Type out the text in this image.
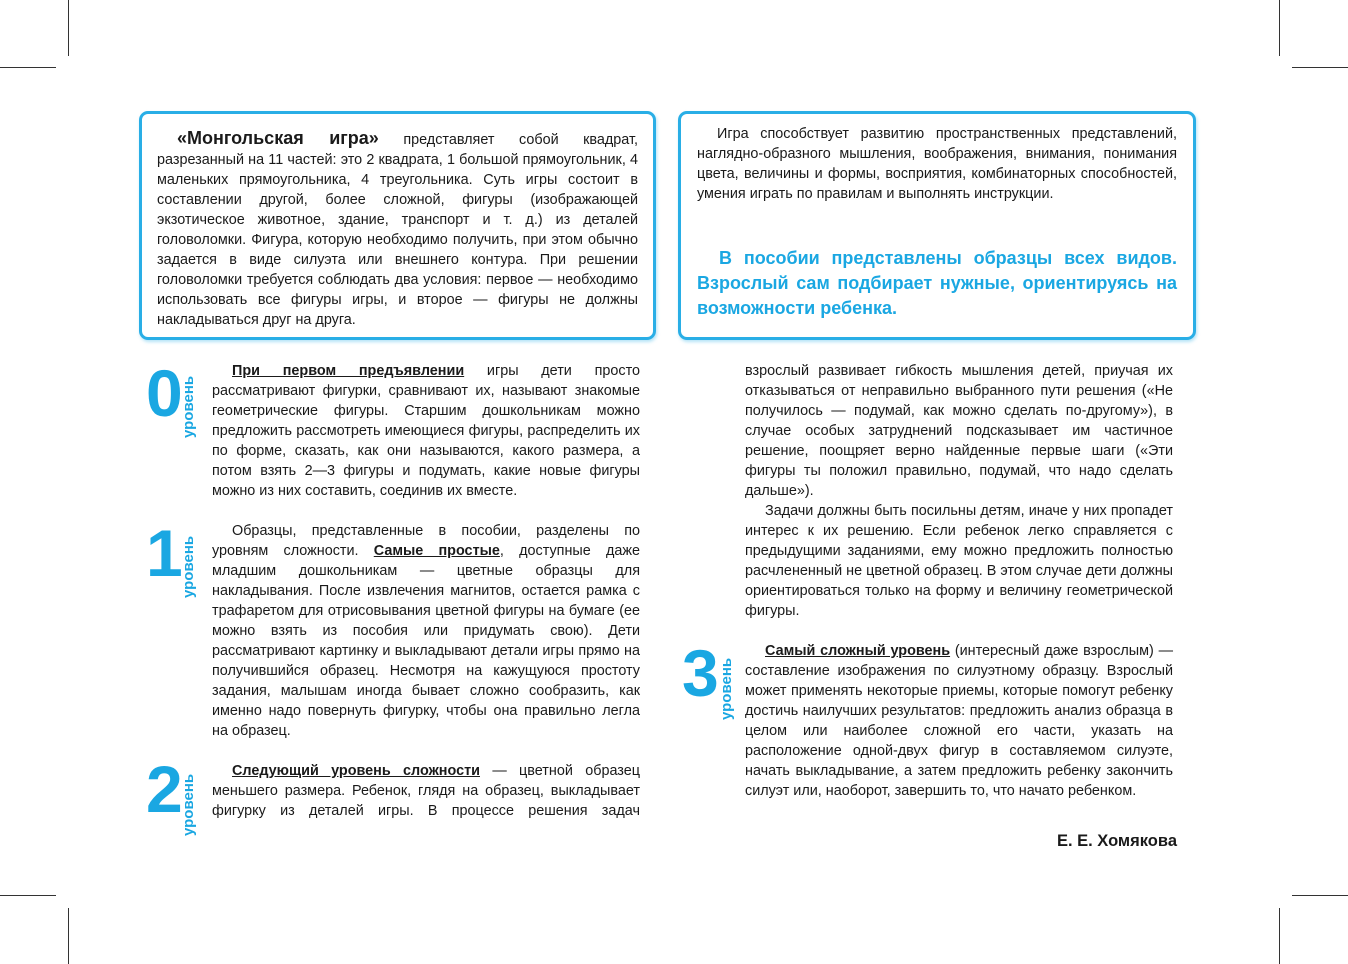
«Монгольская игра» представляет собой квадрат, разрезанный на 11 частей: это 2 квадрата, 1 большой прямоугольник, 4 маленьких прямоугольника, 4 треугольника. Суть игры состоит в составлении другой, более сложной, фигуры (изображающей экзотическое животное, здание, транспорт и т. д.) из деталей головоломки. Фигура, которую необходимо получить, при этом обычно задается в виде силуэта или внешнего контура. При решении головоломки требуется соблюдать два условия: первое — необходимо использовать все фигуры игры, и второе — фигуры не должны накладываться друг на друга.

Игра способствует развитию пространственных представлений, наглядно-образного мышления, воображения, внимания, понимания цвета, величины и формы, восприятия, комбинаторных способностей, умения играть по правилам и выполнять инструкции.

В пособии представлены образцы всех видов. Взрослый сам подбирает нужные, ориентируясь на возможности ребенка.

0
уровень

При первом предъявлении игры дети просто рассматривают фигурки, сравнивают их, называют знакомые геометрические фигуры. Старшим дошкольникам можно предложить рассмотреть имеющиеся фигуры, распределить их по форме, сказать, как они называются, какого размера, а потом взять 2—3 фигуры и подумать, какие новые фигуры можно из них составить, соединив их вместе.

1
уровень

Образцы, представленные в пособии, разделены по уровням сложности. Самые простые, доступные даже младшим дошкольникам — цветные образцы для накладывания. После извлечения магнитов, остается рамка с трафаретом для отрисовывания цветной фигуры на бумаге (ее можно взять из пособия или придумать свою). Дети рассматривают картинку и выкладывают детали игры прямо на получившийся образец. Несмотря на кажущуюся простоту задания, малышам иногда бывает сложно сообразить, как именно надо повернуть фигурку, чтобы она правильно легла на образец.

2
уровень

Следующий уровень сложности — цветной образец меньшего размера. Ребенок, глядя на образец, выкладывает фигурку из деталей игры. В процессе решения задач

взрослый развивает гибкость мышления детей, приучая их отказываться от неправильно выбранного пути решения («Не получилось — подумай, как можно сделать по-другому»), в случае особых затруднений подсказывает им частичное решение, поощряет верно найденные первые шаги («Эти фигуры ты положил правильно, подумай, что надо сделать дальше»).

Задачи должны быть посильны детям, иначе у них пропадет интерес к их решению. Если ребенок легко справляется с предыдущими заданиями, ему можно предложить полностью расчлененный не цветной образец. В этом случае дети должны ориентироваться только на форму и величину геометрической фигуры.

3 уровень

Самый сложный уровень (интересный даже взрослым) — составление изображения по силуэтному образцу. Взрослый может применять некоторые приемы, которые помогут ребенку достичь наилучших результатов: предложить анализ образца в целом или наиболее сложной его части, указать на расположение одной-двух фигур в составляемом силуэте, начать выкладывание, а затем предложить ребенку закончить силуэт или, наоборот, завершить то, что начато ребенком.

Е. Е. Хомякова
